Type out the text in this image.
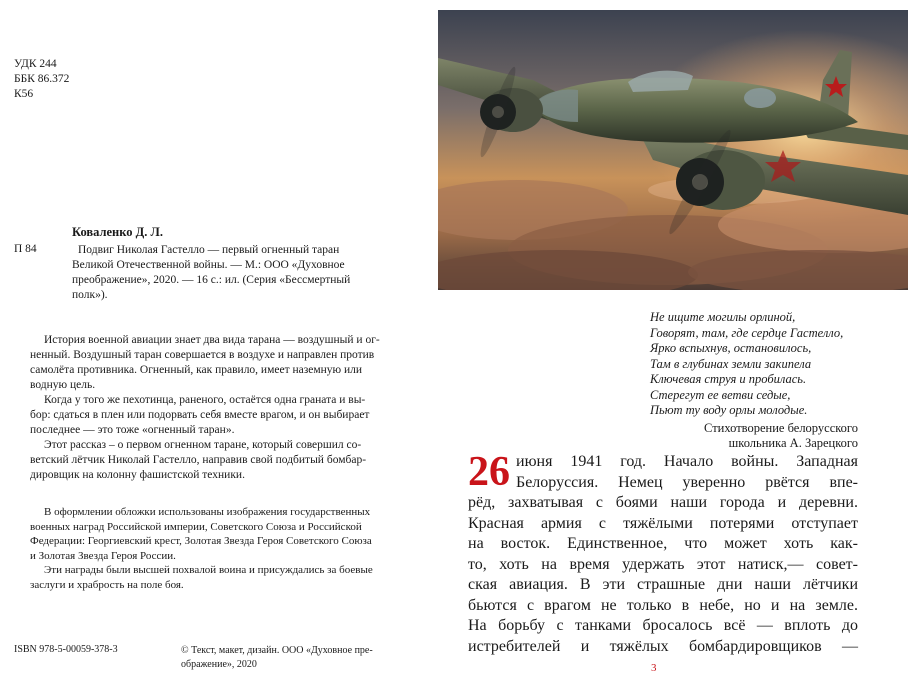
УДК 244
ББК 86.372
К56
Коваленко Д. Л.
П 84	Подвиг Николая Гастелло — первый огненный таран
Великой Отечественной войны. — М.: ООО «Духовное
преображение», 2020. — 16 с.: ил. (Серия «Бессмертный
полк»).

История военной авиации знает два вида тарана — воздушный и ог-
ненный. Воздушный таран совершается в воздухе и направлен против
самолёта противника. Огненный, как правило, имеет наземную или
водную цель.

Когда у того же пехотинца, раненого, остаётся одна граната и вы-
бор: сдаться в плен или подорвать себя вместе врагом, и он выбирает
последнее — это тоже «огненный таран».

Этот рассказ – о первом огненном таране, который совершил со-
ветский лётчик Николай Гастелло, направив свой подбитый бомбар-
дировщик на колонну фашистской техники.

В оформлении обложки использованы изображения государственных
военных наград Российской империи, Советского Союза и Российской
Федерации: Георгиевский крест, Золотая Звезда Героя Советского Союза
и Золотая Звезда Героя России.

Эти награды были высшей похвалой воина и присуждались за боевые
заслуги и храбрость на поле боя.

ISBN 978-5-00059-378-3	© Текст, макет, дизайн. ООО «Духовное пре-
ображение», 2020
Не ищите могилы орлиной,
Говорят, там, где сердце Гастелло,
Ярко вспыхнув, остановилось,
Там в глубинах земли закипела
Ключевая струя и пробилась.
Стерегут ее ветви седые,
Пьют ту воду орлы молодые.
Стихотворение белорусского
школьника А. Зарецкого
26 июня 1941 год. Начало войны. Западная
Белоруссия. Немец уверенно рвётся впе-
рёд, захватывая с боями наши города и деревни.
Красная армия с тяжёлыми потерями отступает
на восток. Единственное, что может хоть как-
то, хоть на время удержать этот натиск,— совет-
ская авиация. В эти страшные дни наши лётчики
бьются с врагом не только в небе, но и на земле.
На борьбу с танками бросалось всё — вплоть до
истребителей и тяжёлых бомбардировщиков —
3
